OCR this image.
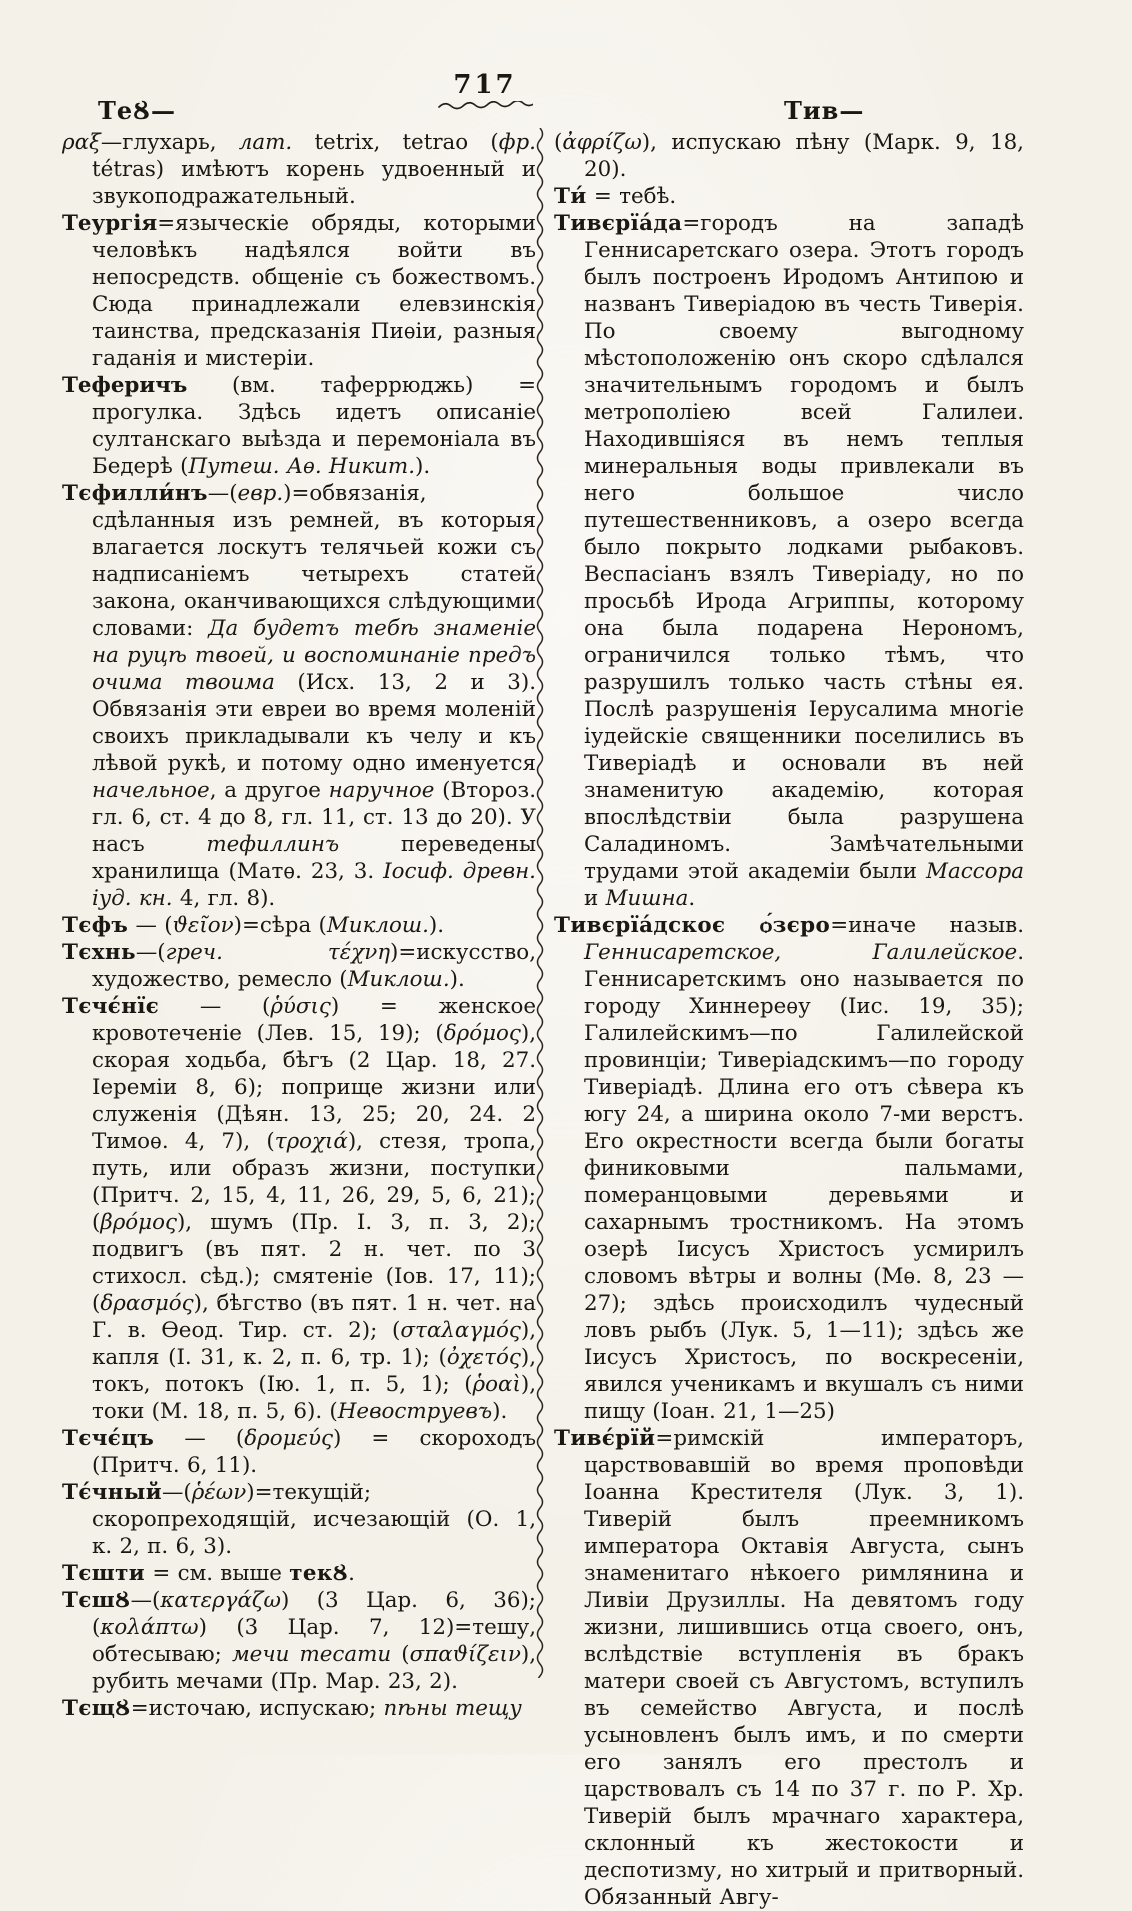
717
ТеȢ—	Тив—

ραξ—глухарь, лат. tetrix, tetrao (фр. tétras) имѣютъ корень удвоенный и звукоподражательный.

Теургія=языческіе обряды, которыми человѣкъ надѣялся войти въ непосредств. общеніе съ божествомъ. Сюда принадлежали елевзинскія таинства, предсказанія Пиѳіи, разныя гаданія и мистеріи.

Теферичъ (вм. таферрюджь) = прогулка. Здѣсь идетъ описаніе султанскаго выѣзда и перемоніала въ Бедерѣ (Путеш. Аѳ. Никит.).

Тєфилли́нъ—(евр.)=обвязанія, сдѣланныя изъ ремней, въ которыя влагается лоскутъ телячьей кожи съ надписаніемъ четырехъ статей закона, оканчивающихся слѣдующими словами: Да будетъ тебѣ знаменіе на руцѣ твоей, и воспоминаніе предъ очима твоима (Исх. 13, 2 и 3). Обвязанія эти евреи во время моленій своихъ прикладывали къ челу и къ лѣвой рукѣ, и потому одно именуется начельное, а другое наручное (Второз. гл. 6, ст. 4 до 8, гл. 11, ст. 13 до 20). У насъ тефиллинъ переведены хранилища (Матѳ. 23, 3. Іосиф. древн. іуд. кн. 4, гл. 8).

Тєфъ — (ϑεῖον)=сѣра (Миклош.).

Тєхнь—(греч.	τέχνη)=искусство, художество, ремесло (Миклош.).

Тєчє́нїє — (ῥύσις) = женское кровотеченіе (Лев. 15, 19); (δρόμος), скорая ходьба, бѣгъ (2 Цар. 18, 27. Іереміи 8, 6); поприще жизни или служенія (Дѣян. 13, 25; 20, 24. 2 Тимоѳ. 4, 7), (τροχιά), стезя, тропа, путь, или образъ жизни, поступки (Притч. 2, 15, 4, 11, 26, 29, 5, 6, 21); (βρόμος), шумъ (Пр. І. 3, п. 3, 2); подвигъ (въ пят. 2 н. чет. по 3 стихосл. сѣд.); смятеніе (Іов. 17, 11); (δρασμός), бѣгство (въ пят. 1 н. чет. на Г. в. Ѳеод. Тир. ст. 2); (σταλαγμός), капля (І. 31, к. 2, п. 6, тр. 1); (ὀχετός), токъ, потокъ (Ію. 1, п. 5, 1); (ῥοαὶ), токи (М. 18, п. 5, 6). (Невоструевъ).

Тєчє́цъ — (δρομεύς) = скороходъ (Притч. 6, 11).

Тє́чный—(ῥέων)=текущій; скоропреходящій, исчезающій (О. 1, к. 2, п. 6, 3).

Тєшти = см. выше текȢ.

ТєшȢ—(κατεργάζω) (3 Цар. 6, 36); (κολάπτω) (3 Цар. 7, 12)=тешу, обтесываю; мечи тесати (σπαϑίζειν), рубить мечами (Пр. Мар. 23, 2).

ТєщȢ=источаю, испускаю; пѣны тещу

(ἀφρίζω), испускаю пѣну (Марк. 9, 18, 20).

Ти́ = тебѣ.

Тивєрїа́да=городъ на западѣ Геннисаретскаго озера. Этотъ городъ былъ построенъ Иродомъ Антипою и названъ Тиверіадою въ честь Тиверія. По своему выгодному мѣстоположенію онъ скоро сдѣлался значительнымъ городомъ и былъ метрополіею всей Галилеи. Находившіяся въ немъ теплыя минеральныя воды привлекали въ него большое число путешественниковъ, а озеро всегда было покрыто лодками рыбаковъ. Веспасіанъ взялъ Тиверіаду, но по просьбѣ Ирода Агриппы, которому она была подарена Нерономъ, ограничился только тѣмъ, что разрушилъ только часть стѣны ея. Послѣ разрушенія Іерусалима многіе іудейскіе священники поселились въ Тиверіадѣ и основали въ ней знаменитую академію, которая впослѣдствіи была разрушена Саладиномъ. Замѣчательными трудами этой академіи были Массора и Мишна.

Тивєрїа́дскоє ѻ́зєро=иначе назыв. Геннисаретское, Галилейское. Геннисаретскимъ оно называется по городу Хиннереѳу (Іис. 19, 35); Галилейскимъ—по Галилейской провинціи; Тиверіадскимъ—по городу Тиверіадѣ. Длина его отъ сѣвера къ югу 24, а ширина около 7-ми верстъ. Его окрестности всегда были богаты финиковыми пальмами, померанцовыми деревьями и сахарнымъ тростникомъ. На этомъ озерѣ Іисусъ Христосъ усмирилъ словомъ вѣтры и волны (Мѳ. 8, 23 — 27); здѣсь происходилъ чудесный ловъ рыбъ (Лук. 5, 1—11); здѣсь же Іисусъ Христосъ, по воскресеніи, явился ученикамъ и вкушалъ съ ними пищу (Іоан. 21, 1—25)

Тивє́рїй=римскій императоръ, царствовавшій во время проповѣди Іоанна Крестителя (Лук. 3, 1). Тиверій былъ преемникомъ императора Октавія Августа, сынъ знаменитаго нѣкоего римлянина и Ливіи Друзиллы. На девятомъ году жизни, лишившись отца своего, онъ, вслѣдствіе вступленія въ бракъ матери своей съ Августомъ, вступилъ въ семейство Августа, и послѣ усыновленъ былъ имъ, и по смерти его занялъ его престолъ и царствовалъ съ 14 по 37 г. по Р. Хр. Тиверій былъ мрачнаго характера, склонный къ жестокости и деспотизму, но хитрый и притворный. Обязанный Авгу-
